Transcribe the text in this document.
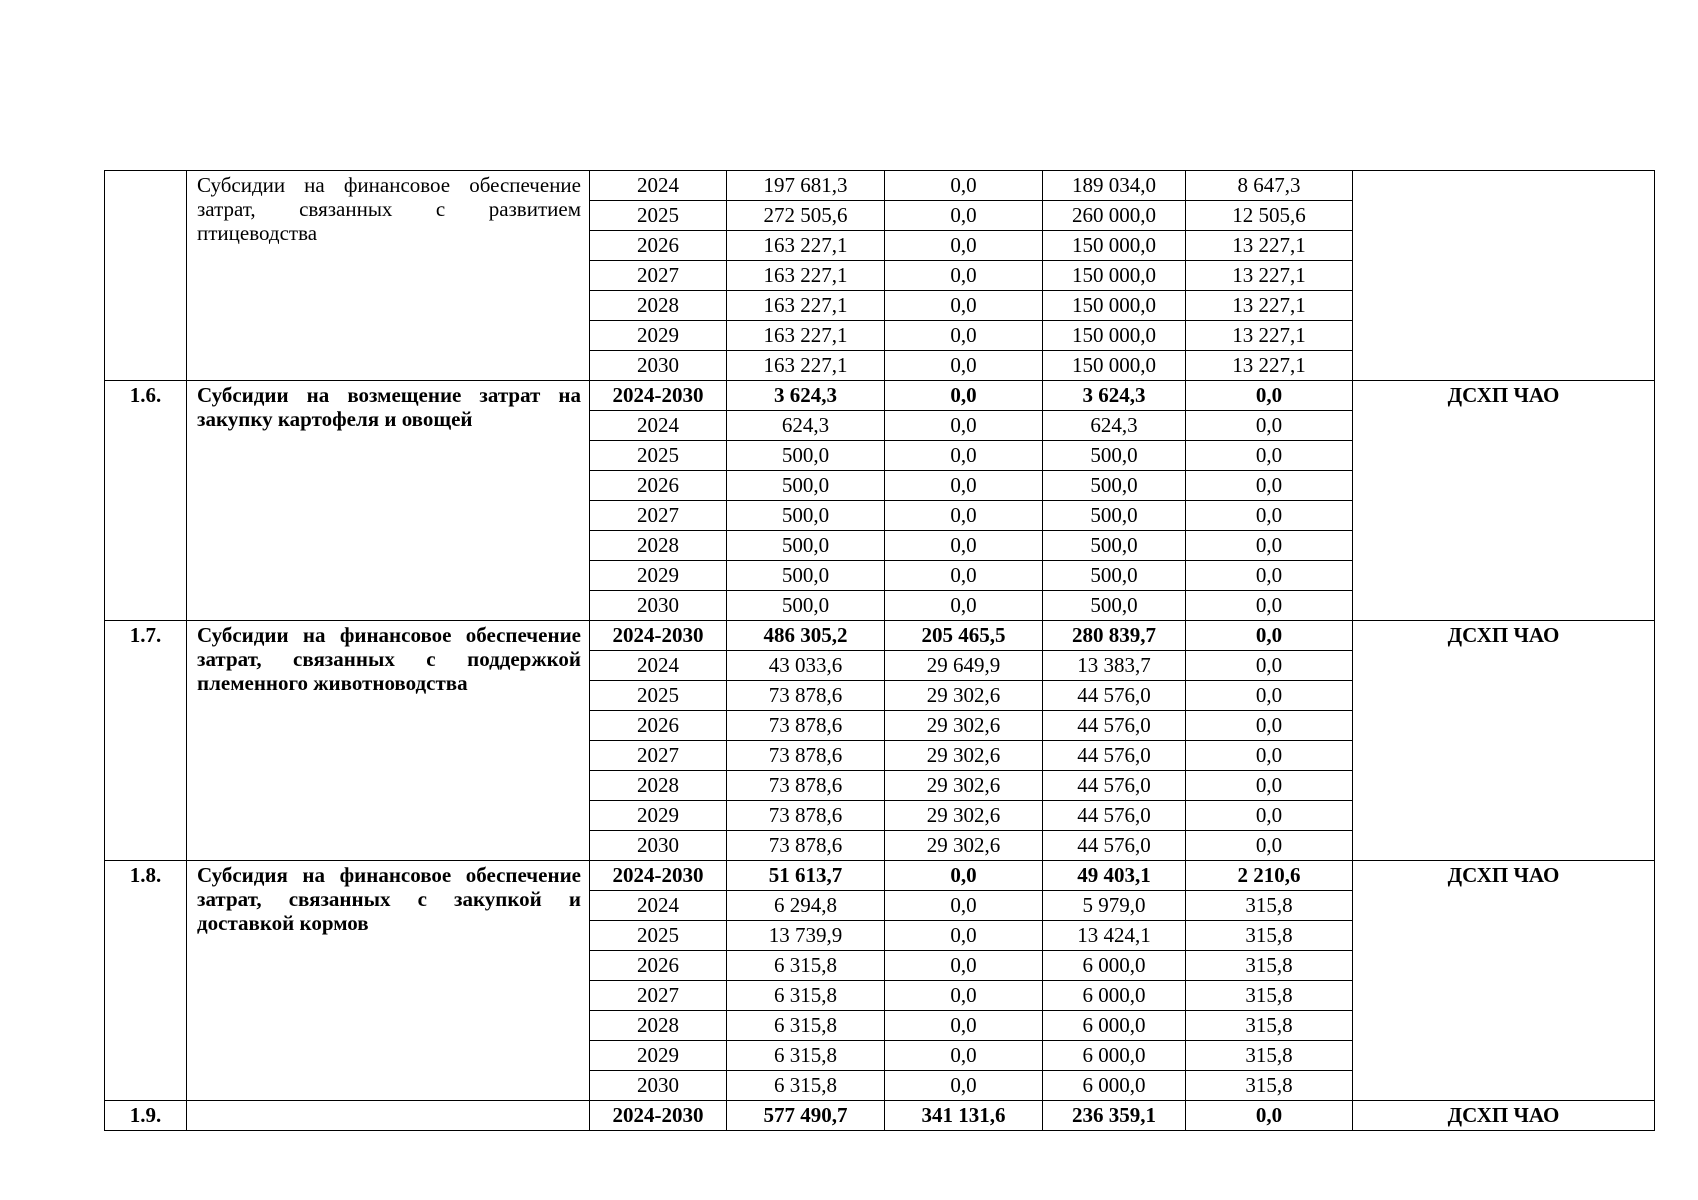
	Субсидии на финансовое обеспечение затрат, связанных с развитием птицеводства	2024	197 681,3	0,0	189 034,0	8 647,3	
		2025	272 505,6	0,0	260 000,0	12 505,6	
		2026	163 227,1	0,0	150 000,0	13 227,1	
		2027	163 227,1	0,0	150 000,0	13 227,1	
		2028	163 227,1	0,0	150 000,0	13 227,1	
		2029	163 227,1	0,0	150 000,0	13 227,1	
		2030	163 227,1	0,0	150 000,0	13 227,1	
1.6.	Субсидии на возмещение затрат на закупку картофеля и овощей	2024-2030	3 624,3	0,0	3 624,3	0,0	ДСХП ЧАО
		2024	624,3	0,0	624,3	0,0	
		2025	500,0	0,0	500,0	0,0	
		2026	500,0	0,0	500,0	0,0	
		2027	500,0	0,0	500,0	0,0	
		2028	500,0	0,0	500,0	0,0	
		2029	500,0	0,0	500,0	0,0	
		2030	500,0	0,0	500,0	0,0	
1.7.	Субсидии на финансовое обеспечение затрат, связанных с поддержкой племенного животноводства	2024-2030	486 305,2	205 465,5	280 839,7	0,0	ДСХП ЧАО
		2024	43 033,6	29 649,9	13 383,7	0,0	
		2025	73 878,6	29 302,6	44 576,0	0,0	
		2026	73 878,6	29 302,6	44 576,0	0,0	
		2027	73 878,6	29 302,6	44 576,0	0,0	
		2028	73 878,6	29 302,6	44 576,0	0,0	
		2029	73 878,6	29 302,6	44 576,0	0,0	
		2030	73 878,6	29 302,6	44 576,0	0,0	
1.8.	Субсидия на финансовое обеспечение затрат, связанных с закупкой и доставкой кормов	2024-2030	51 613,7	0,0	49 403,1	2 210,6	ДСХП ЧАО
		2024	6 294,8	0,0	5 979,0	315,8	
		2025	13 739,9	0,0	13 424,1	315,8	
		2026	6 315,8	0,0	6 000,0	315,8	
		2027	6 315,8	0,0	6 000,0	315,8	
		2028	6 315,8	0,0	6 000,0	315,8	
		2029	6 315,8	0,0	6 000,0	315,8	
		2030	6 315,8	0,0	6 000,0	315,8	
1.9.		2024-2030	577 490,7	341 131,6	236 359,1	0,0	ДСХП ЧАО
